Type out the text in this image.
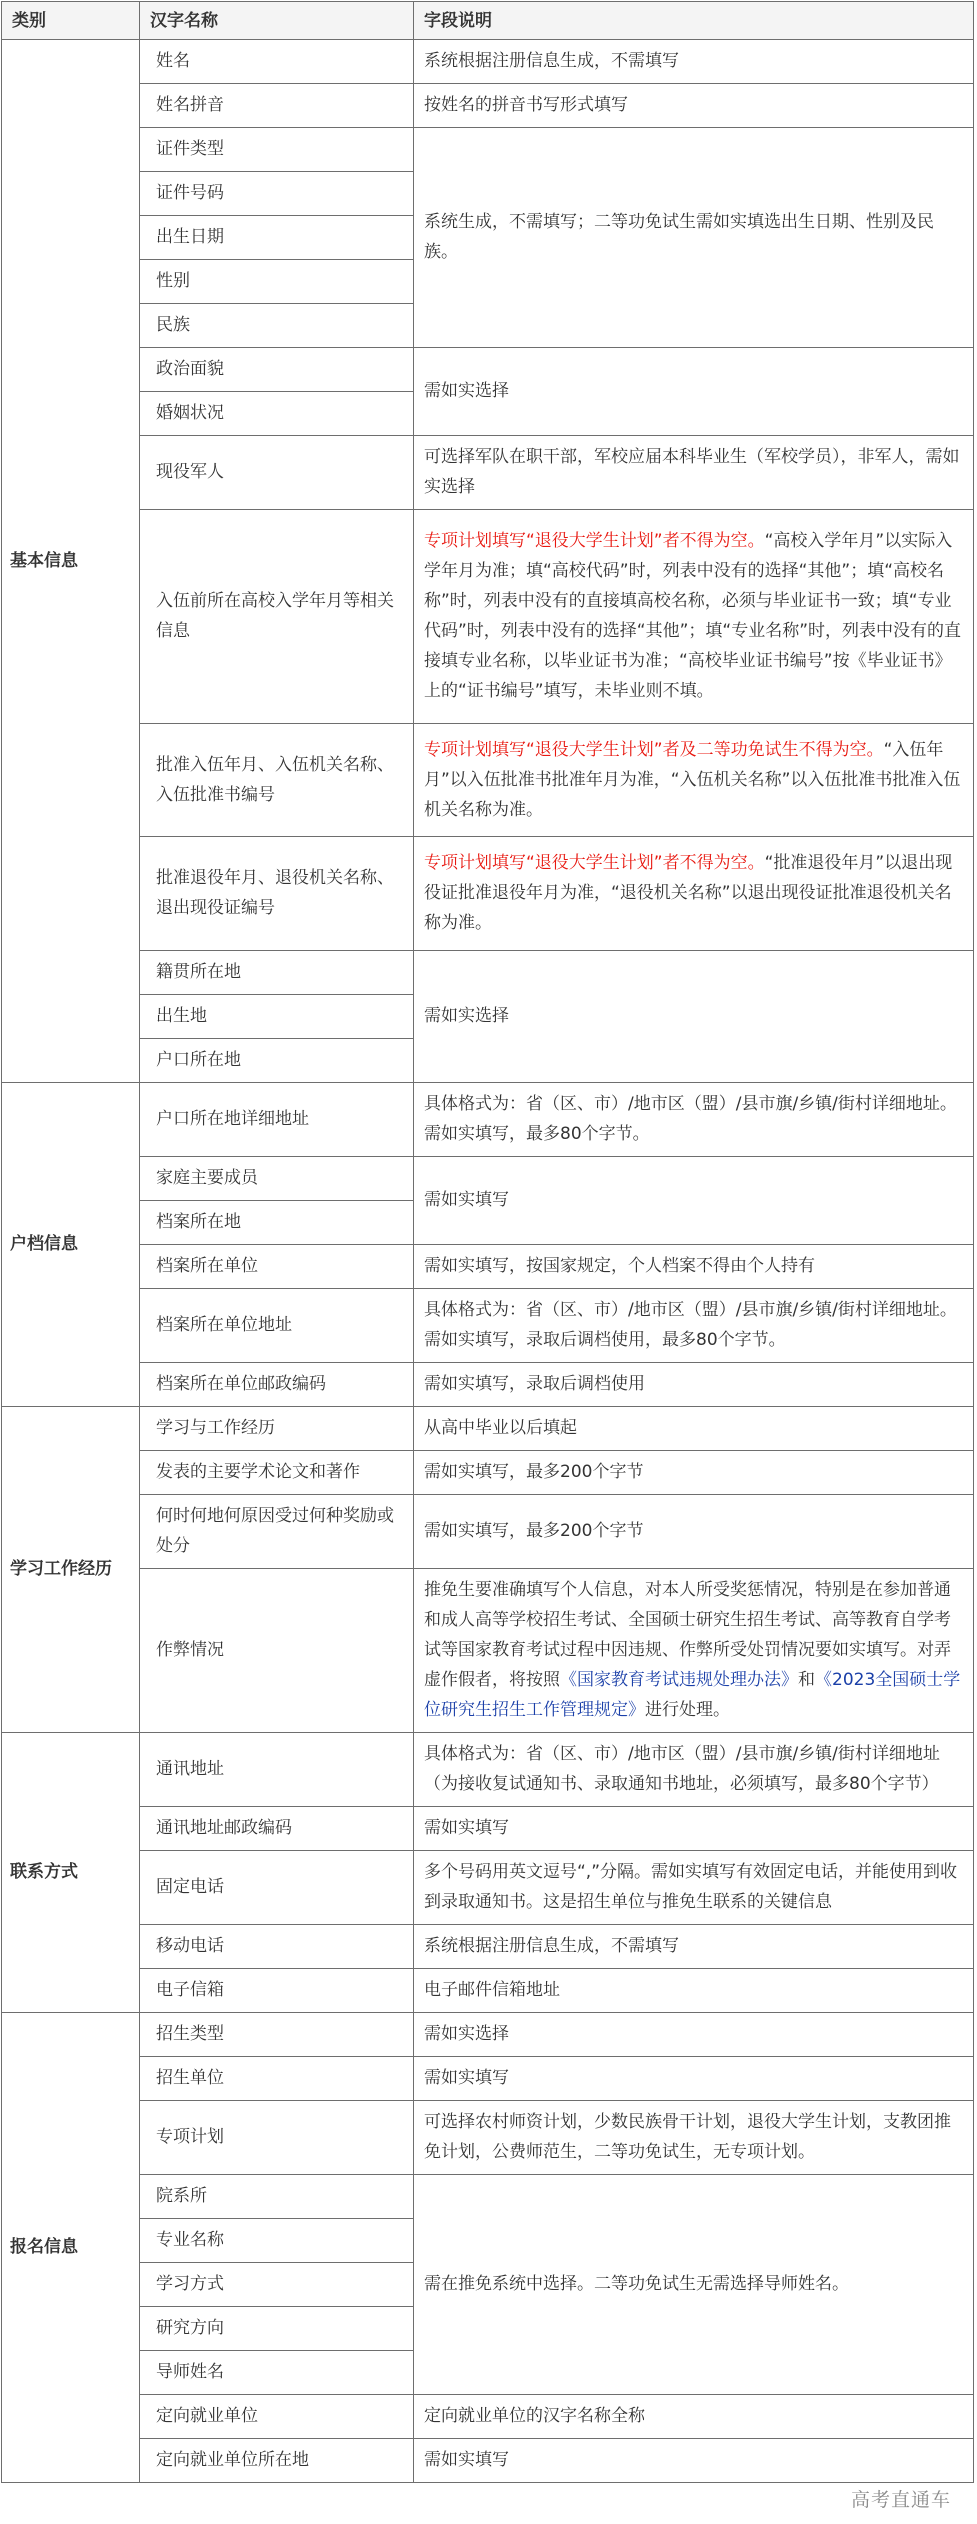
类别	汉字名称	字段说明
基本信息	姓名	系统根据注册信息生成，不需填写
	姓名拼音	按姓名的拼音书写形式填写
	证件类型	系统生成，不需填写；二等功免试生需如实填选出生日期、性别及民族。
	证件号码	
	出生日期	
	性别	
	民族	
	政治面貌	需如实选择
	婚姻状况	
	现役军人	可选择军队在职干部，军校应届本科毕业生（军校学员），非军人，需如实选择
	入伍前所在高校入学年月等相关信息	专项计划填写“退役大学生计划”者不得为空。“高校入学年月”以实际入学年月为准；填“高校代码”时，列表中没有的选择“其他”；填“高校名称”时，列表中没有的直接填高校名称，必须与毕业证书一致；填“专业代码”时，列表中没有的选择“其他”；填“专业名称”时，列表中没有的直接填专业名称，以毕业证书为准；“高校毕业证书编号”按《毕业证书》上的“证书编号”填写，未毕业则不填。
	批准入伍年月、入伍机关名称、入伍批准书编号	专项计划填写“退役大学生计划”者及二等功免试生不得为空。“入伍年月”以入伍批准书批准年月为准，“入伍机关名称”以入伍批准书批准入伍机关名称为准。
	批准退役年月、退役机关名称、退出现役证编号	专项计划填写“退役大学生计划”者不得为空。“批准退役年月”以退出现役证批准退役年月为准，“退役机关名称”以退出现役证批准退役机关名称为准。
	籍贯所在地	需如实选择
	出生地	
	户口所在地	
户档信息	户口所在地详细地址	具体格式为：省（区、市）/地市区（盟）/县市旗/乡镇/街村详细地址。需如实填写，最多80个字节。
	家庭主要成员	需如实填写
	档案所在地	
	档案所在单位	需如实填写，按国家规定，个人档案不得由个人持有
	档案所在单位地址	具体格式为：省（区、市）/地市区（盟）/县市旗/乡镇/街村详细地址。需如实填写，录取后调档使用，最多80个字节。
	档案所在单位邮政编码	需如实填写，录取后调档使用
学习工作经历	学习与工作经历	从高中毕业以后填起
	发表的主要学术论文和著作	需如实填写，最多200个字节
	何时何地何原因受过何种奖励或处分	需如实填写，最多200个字节
	作弊情况	推免生要准确填写个人信息，对本人所受奖惩情况，特别是在参加普通和成人高等学校招生考试、全国硕士研究生招生考试、高等教育自学考试等国家教育考试过程中因违规、作弊所受处罚情况要如实填写。对弄虚作假者，将按照《国家教育考试违规处理办法》和《2023全国硕士学位研究生招生工作管理规定》进行处理。
联系方式	通讯地址	具体格式为：省（区、市）/地市区（盟）/县市旗/乡镇/街村详细地址（为接收复试通知书、录取通知书地址，必须填写，最多80个字节）
	通讯地址邮政编码	需如实填写
	固定电话	多个号码用英文逗号“,”分隔。需如实填写有效固定电话，并能使用到收到录取通知书。这是招生单位与推免生联系的关键信息
	移动电话	系统根据注册信息生成，不需填写
	电子信箱	电子邮件信箱地址
报名信息	招生类型	需如实选择
	招生单位	需如实填写
	专项计划	可选择农村师资计划，少数民族骨干计划，退役大学生计划，支教团推免计划，公费师范生，二等功免试生，无专项计划。
	院系所	需在推免系统中选择。二等功免试生无需选择导师姓名。
	专业名称	
	学习方式	
	研究方向	
	导师姓名	
	定向就业单位	定向就业单位的汉字名称全称
	定向就业单位所在地	需如实填写
高考直通车
